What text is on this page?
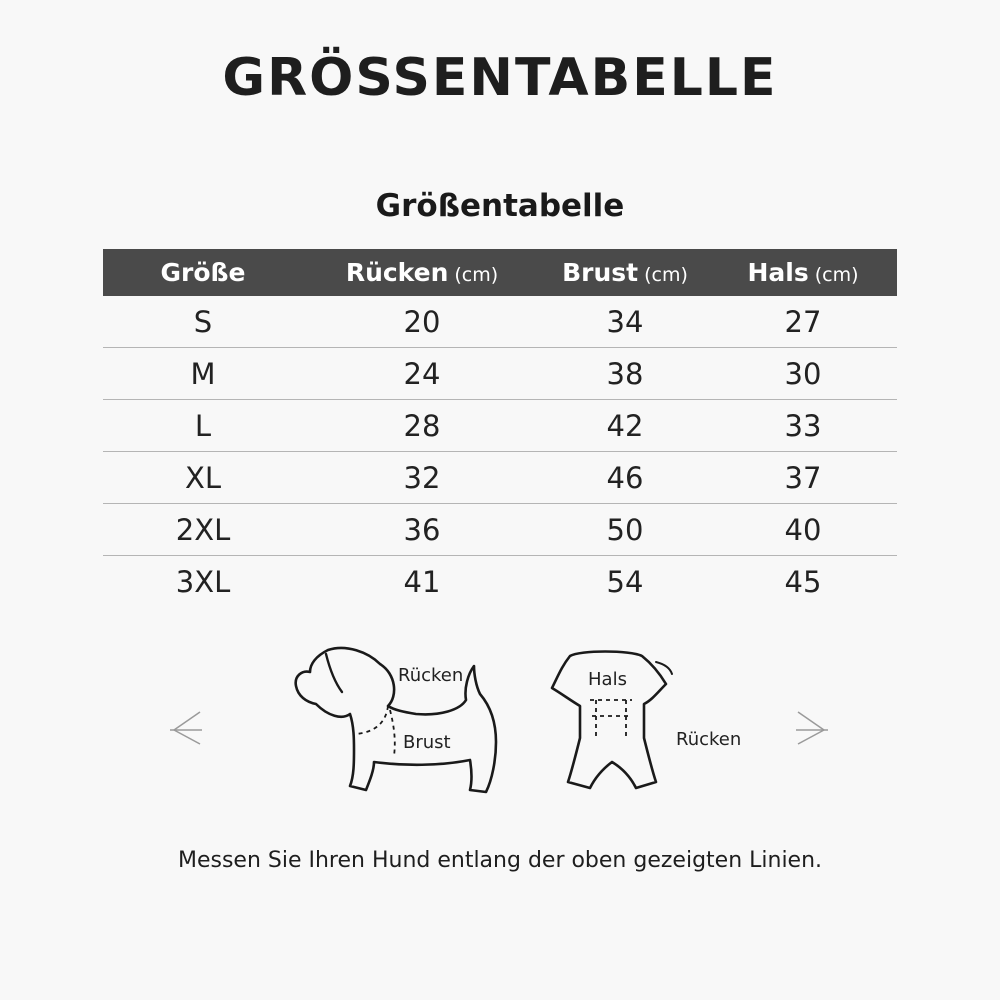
GRÖSSENTABELLE
Größentabelle
Größe	Rücken (cm)	Brust (cm)	Hals (cm)
S	20	34	27
M	24	38	30
L	28	42	33
XL	32	46	37
2XL	36	50	40
3XL	41	54	45
Rücken
Brust
Hals
Rücken

Messen Sie Ihren Hund entlang der oben gezeigten Linien.
